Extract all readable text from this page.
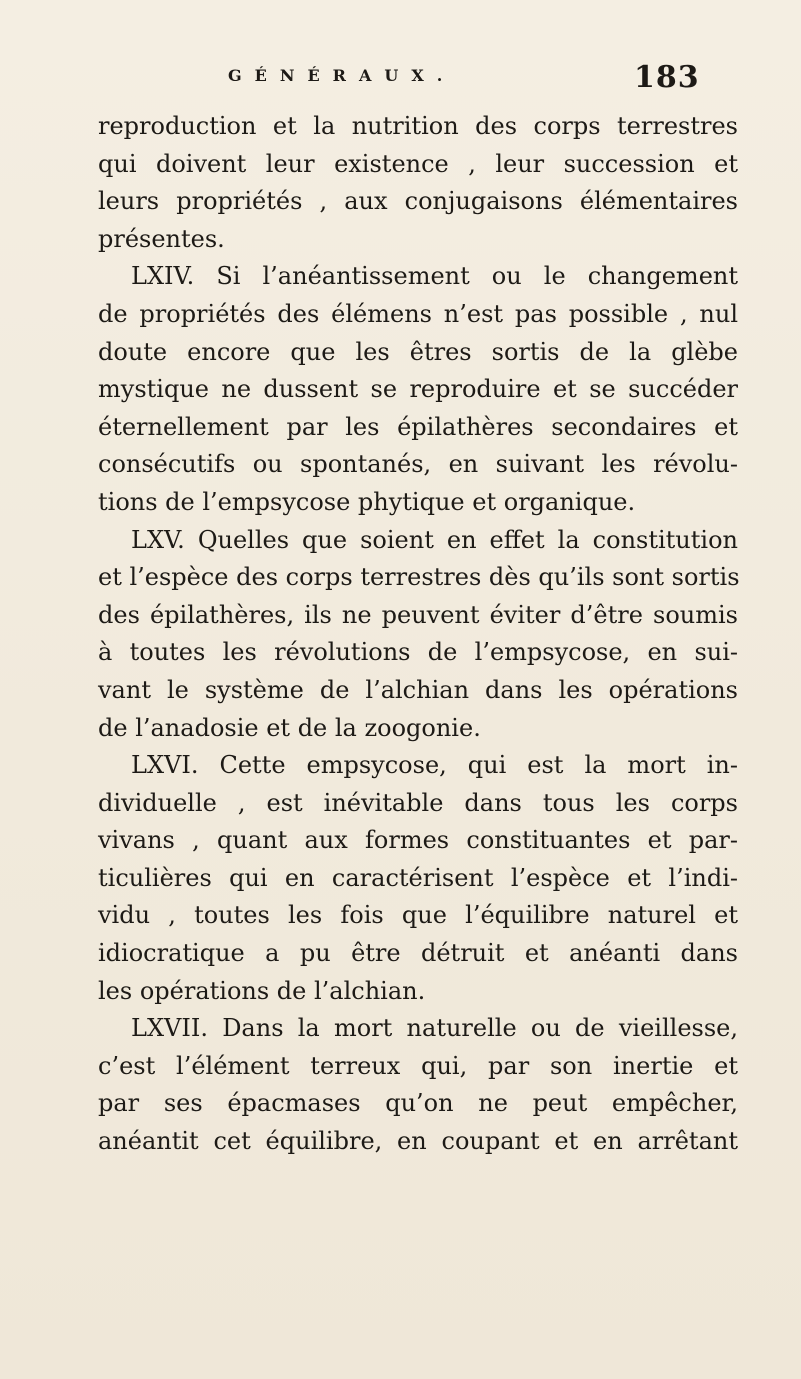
GÉNÉRAUX.	183
reproduction et la nutrition des corps terrestres
qui doivent leur existence , leur succession et
leurs propriétés , aux conjugaisons élémentaires
présentes.
LXIV. Si l’anéantissement ou le changement
de propriétés des élémens n’est pas possible , nul
doute encore que les êtres sortis de la glèbe
mystique ne dussent se reproduire et se succéder
éternellement par les épilathères secondaires et
consécutifs ou spontanés, en suivant les révolu-
tions de l’empsycose phytique et organique.
LXV. Quelles que soient en effet la constitution
et l’espèce des corps terrestres dès qu’ils sont sortis
des épilathères, ils ne peuvent éviter d’être soumis
à toutes les révolutions de l’empsycose, en sui-
vant le système de l’alchian dans les opérations
de l’anadosie et de la zoogonie.
LXVI. Cette empsycose, qui est la mort in-
dividuelle , est inévitable dans tous les corps
vivans , quant aux formes constituantes et par-
ticulières qui en caractérisent l’espèce et l’indi-
vidu , toutes les fois que l’équilibre naturel et
idiocratique a pu être détruit et anéanti dans
les opérations de l’alchian.
LXVII. Dans la mort naturelle ou de vieillesse,
c’est l’élément terreux qui, par son inertie et
par ses épacmases qu’on ne peut empêcher,
anéantit cet équilibre, en coupant et en arrêtant
